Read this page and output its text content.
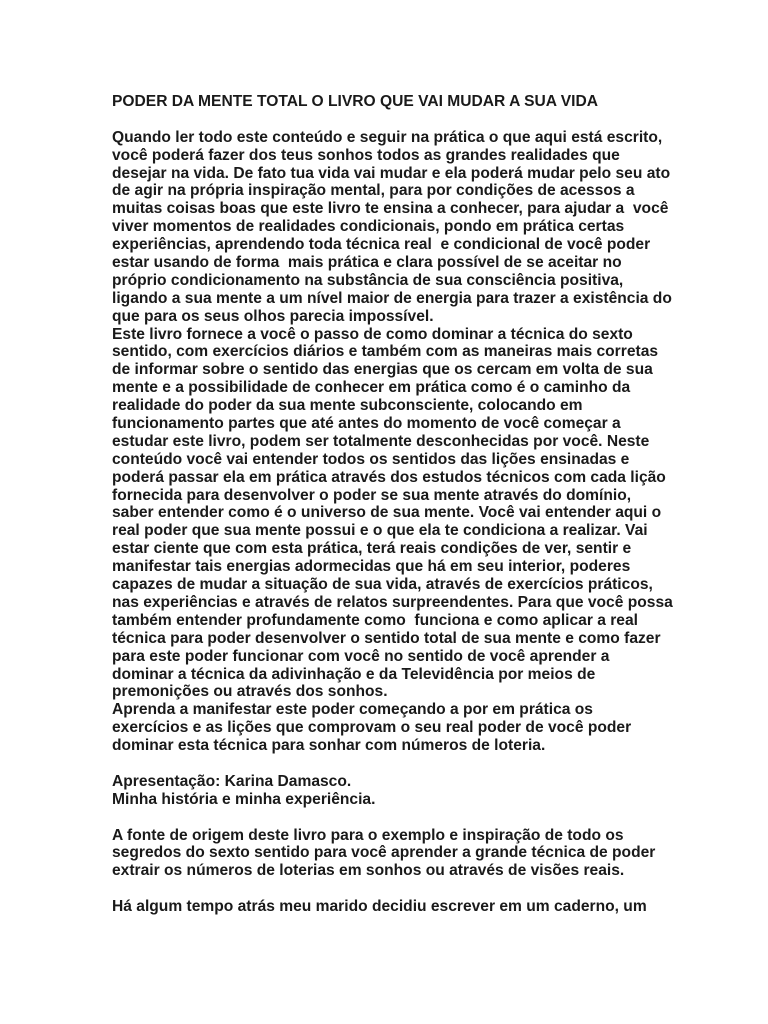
PODER DA MENTE TOTAL O LIVRO QUE VAI MUDAR A SUA VIDA
Quando ler todo este conteúdo e seguir na prática o que aqui está escrito,
você poderá fazer dos teus sonhos todos as grandes realidades que
desejar na vida. De fato tua vida vai mudar e ela poderá mudar pelo seu ato
de agir na própria inspiração mental, para por condições de acessos a
muitas coisas boas que este livro te ensina a conhecer, para ajudar a  você
viver momentos de realidades condicionais, pondo em prática certas
experiências, aprendendo toda técnica real  e condicional de você poder
estar usando de forma  mais prática e clara possível de se aceitar no
próprio condicionamento na substância de sua consciência positiva,
ligando a sua mente a um nível maior de energia para trazer a existência do
que para os seus olhos parecia impossível.
Este livro fornece a você o passo de como dominar a técnica do sexto
sentido, com exercícios diários e também com as maneiras mais corretas
de informar sobre o sentido das energias que os cercam em volta de sua
mente e a possibilidade de conhecer em prática como é o caminho da
realidade do poder da sua mente subconsciente, colocando em
funcionamento partes que até antes do momento de você começar a
estudar este livro, podem ser totalmente desconhecidas por você. Neste
conteúdo você vai entender todos os sentidos das lições ensinadas e
poderá passar ela em prática através dos estudos técnicos com cada lição
fornecida para desenvolver o poder se sua mente através do domínio,
saber entender como é o universo de sua mente. Você vai entender aqui o
real poder que sua mente possui e o que ela te condiciona a realizar. Vai
estar ciente que com esta prática, terá reais condições de ver, sentir e
manifestar tais energias adormecidas que há em seu interior, poderes
capazes de mudar a situação de sua vida, através de exercícios práticos,
nas experiências e através de relatos surpreendentes. Para que você possa
também entender profundamente como  funciona e como aplicar a real
técnica para poder desenvolver o sentido total de sua mente e como fazer
para este poder funcionar com você no sentido de você aprender a
dominar a técnica da adivinhação e da Televidência por meios de
premonições ou através dos sonhos.
Aprenda a manifestar este poder começando a por em prática os
exercícios e as lições que comprovam o seu real poder de você poder
dominar esta técnica para sonhar com números de loteria.
Apresentação: Karina Damasco.
Minha história e minha experiência.
A fonte de origem deste livro para o exemplo e inspiração de todo os
segredos do sexto sentido para você aprender a grande técnica de poder
extrair os números de loterias em sonhos ou através de visões reais.
Há algum tempo atrás meu marido decidiu escrever em um caderno, um
